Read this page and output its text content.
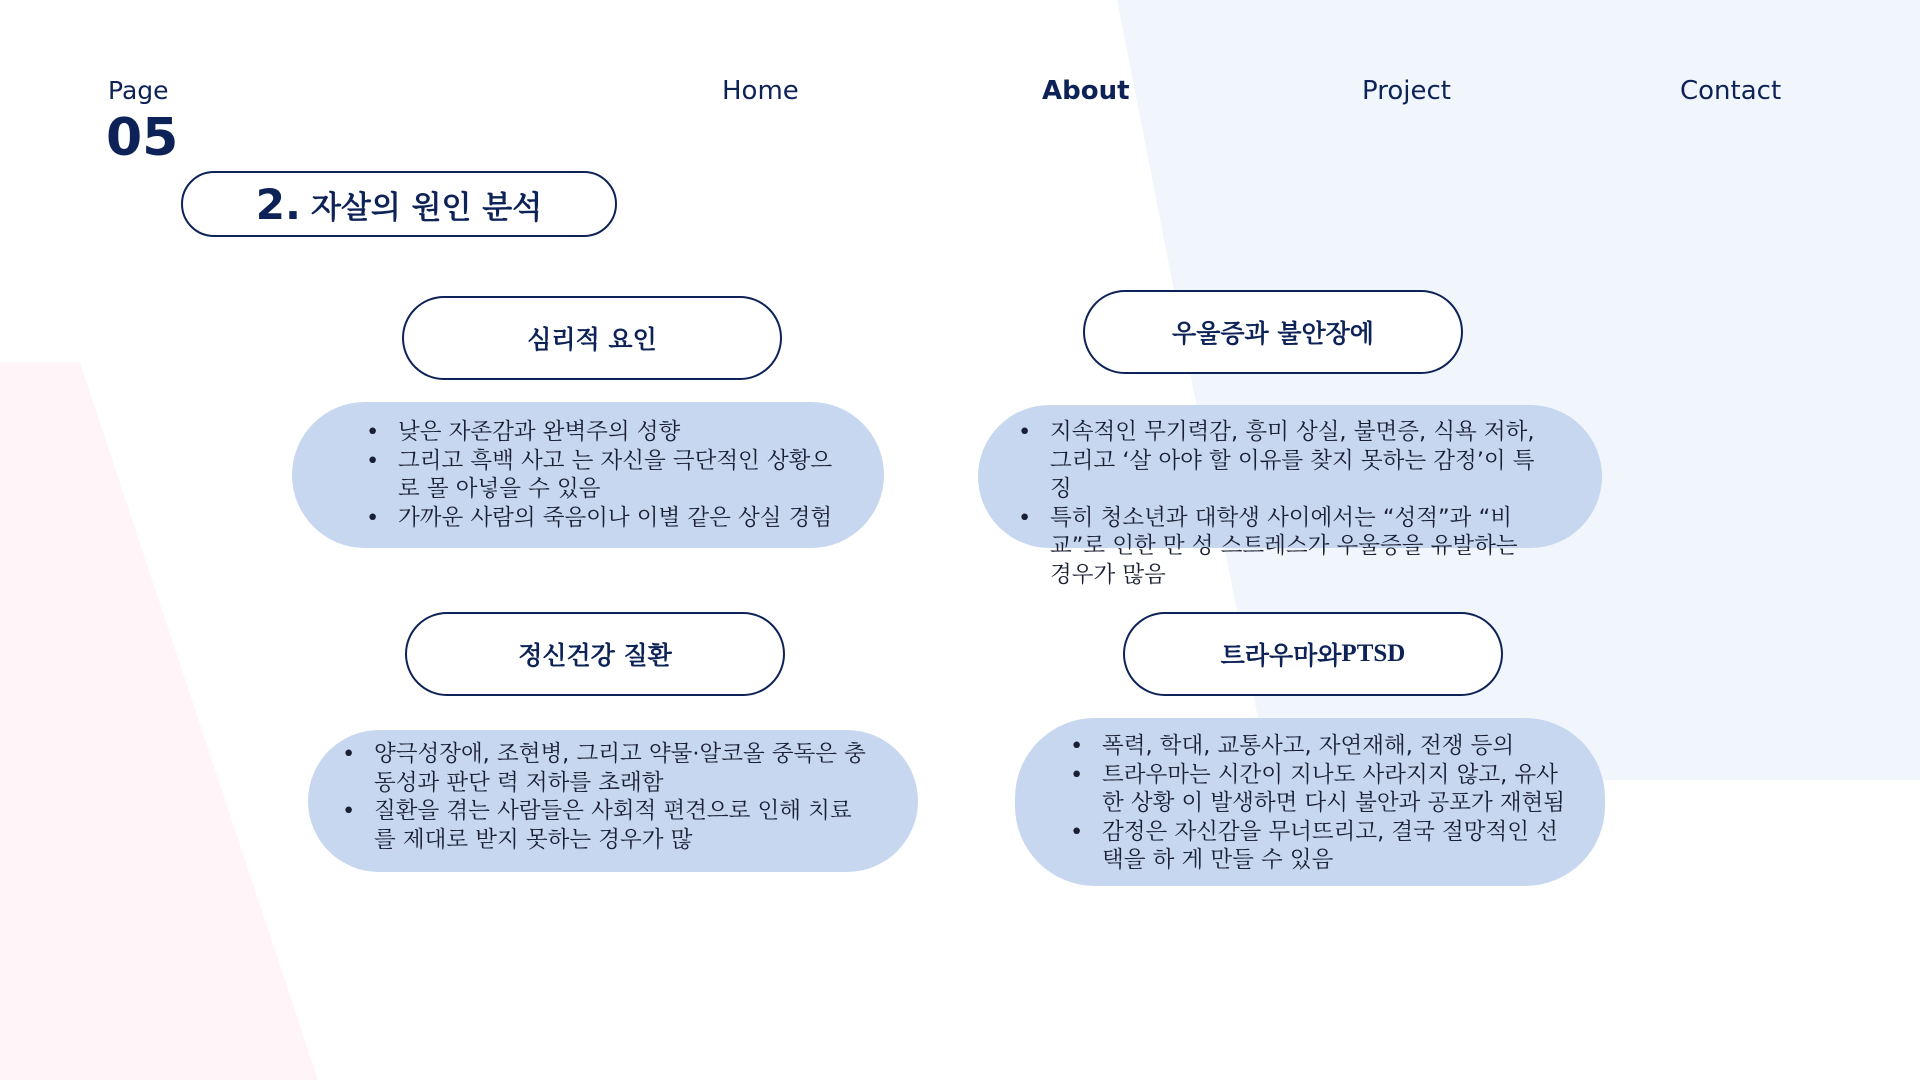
Page
05
Home	About	Project	Contact
2. 자살의 원인 분석
심리적 요인
• 낮은 자존감과 완벽주의 성향
• 그리고 흑백 사고 는 자신을 극단적인 상황으로 몰 아넣을 수 있음
• 가까운 사람의 죽음이나 이별 같은 상실 경험
우울증과 불안장에
• 지속적인 무기력감, 흥미 상실, 불면증, 식욕 저하, 그리고 ‘살 아야 할 이유를 찾지 못하는 감정’이 특징
• 특히 청소년과 대학생 사이에서는 “성적”과 “비교”로 인한 만 성 스트레스가 우울증을 유발하는 경우가 많음
정신건강 질환
• 양극성장애, 조현병, 그리고 약물·알코올 중독은 충동성과 판단 력 저하를 초래함
• 질환을 겪는 사람들은 사회적 편견으로 인해 치료 를 제대로 받지 못하는 경우가 많
트라우마와 PTSD
• 폭력, 학대, 교통사고, 자연재해, 전쟁 등의
• 트라우마는 시간이 지나도 사라지지 않고, 유사한 상황 이 발생하면 다시 불안과 공포가 재현됨
• 감정은 자신감을 무너뜨리고, 결국 절망적인 선택을 하 게 만들 수 있음
